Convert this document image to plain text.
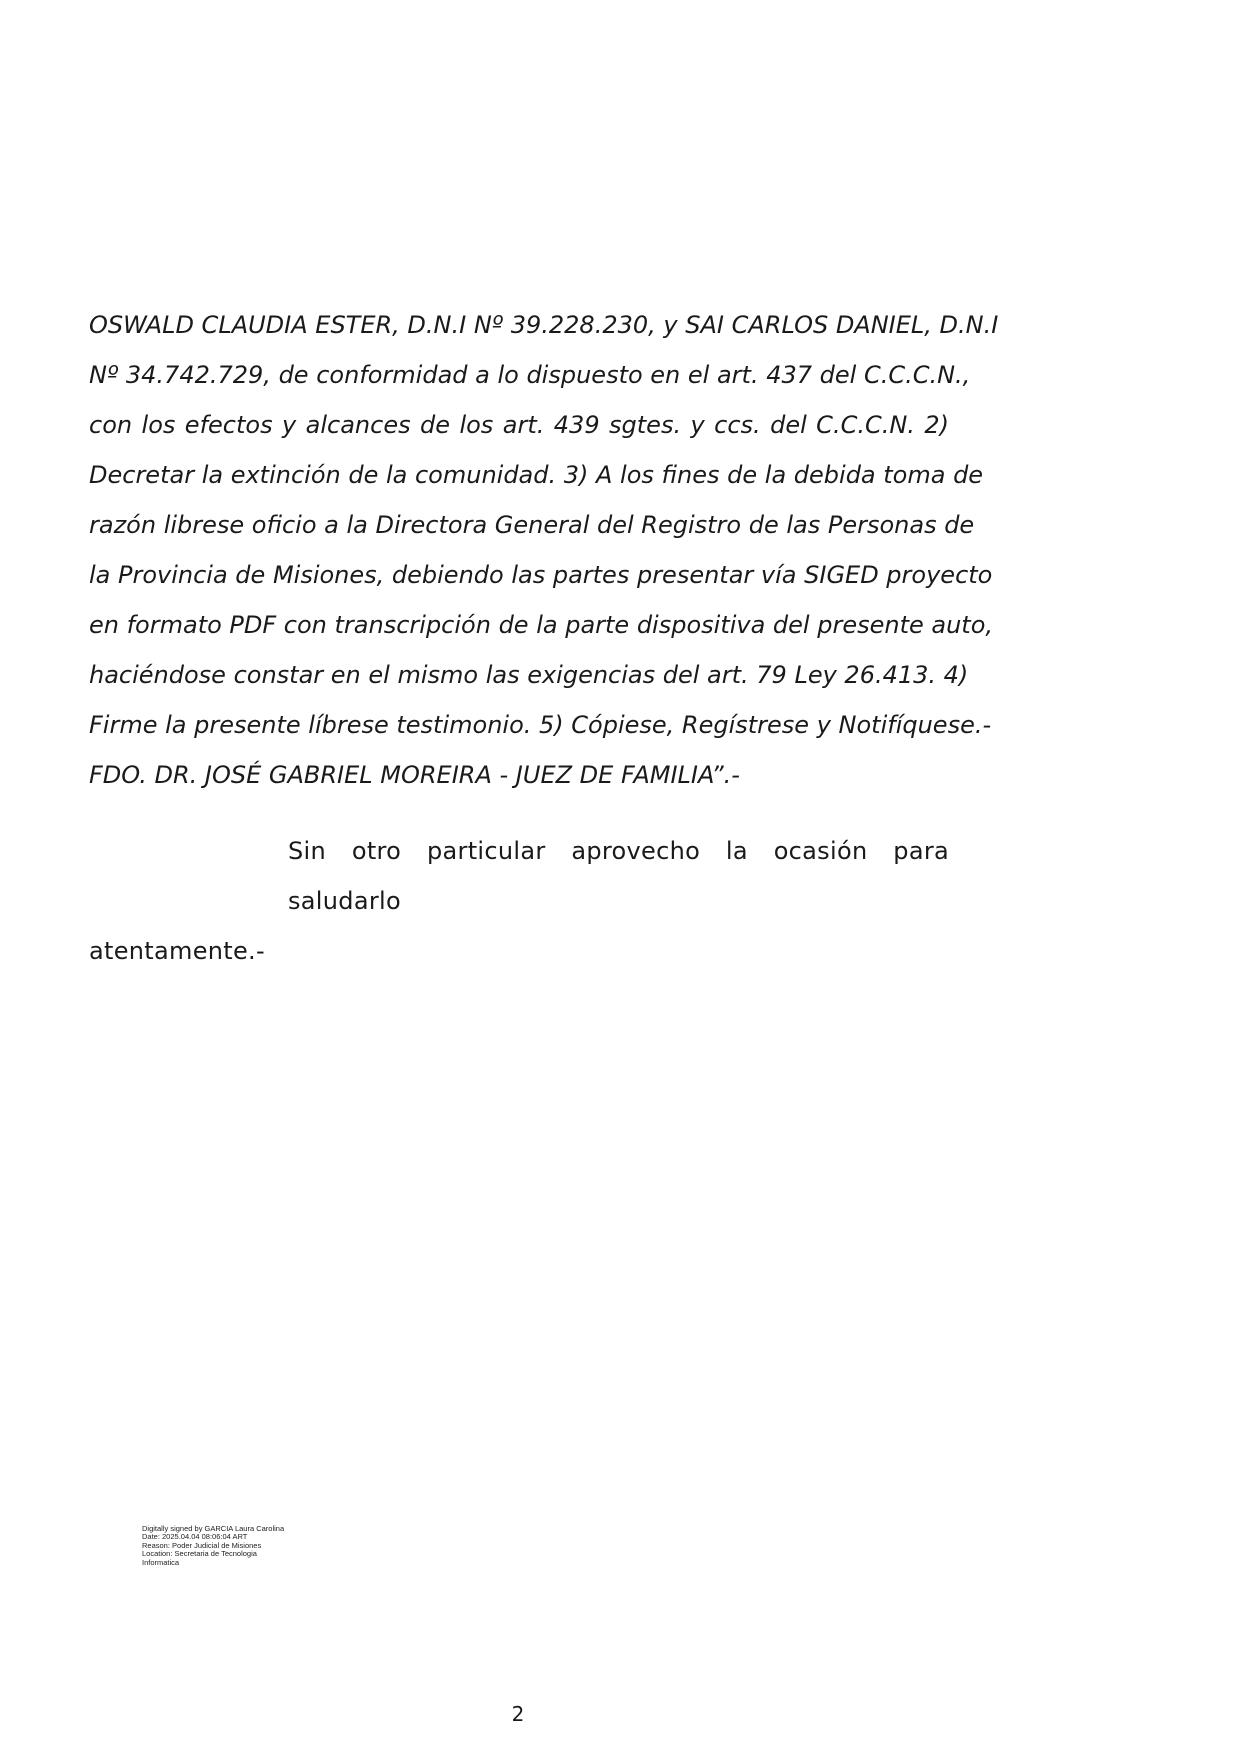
OSWALD CLAUDIA ESTER, D.N.I Nº 39.228.230, y SAI CARLOS DANIEL, D.N.I
Nº 34.742.729, de conformidad a lo dispuesto en el art. 437 del C.C.C.N.,
con los efectos y alcances de los art. 439 sgtes. y ccs. del C.C.C.N. 2)
Decretar la extinción de la comunidad. 3) A los fines de la debida toma de
razón librese oficio a la Directora General del Registro de las Personas de
la Provincia de Misiones, debiendo las partes presentar vía SIGED proyecto
en formato PDF con transcripción de la parte dispositiva del presente auto,
haciéndose constar en el mismo las exigencias del art. 79 Ley 26.413. 4)
Firme la presente líbrese testimonio. 5) Cópiese, Regístrese y Notifíquese.-
FDO. DR. JOSÉ GABRIEL MOREIRA - JUEZ DE FAMILIA”.-
Sin otro particular aprovecho la ocasión para saludarlo
atentamente.-
Digitally signed by GARCIA Laura Carolina
Date: 2025.04.04 08:06:04 ART
Reason: Poder Judicial de Misiones
Location: Secretaria de Tecnologia
Informatica
2
